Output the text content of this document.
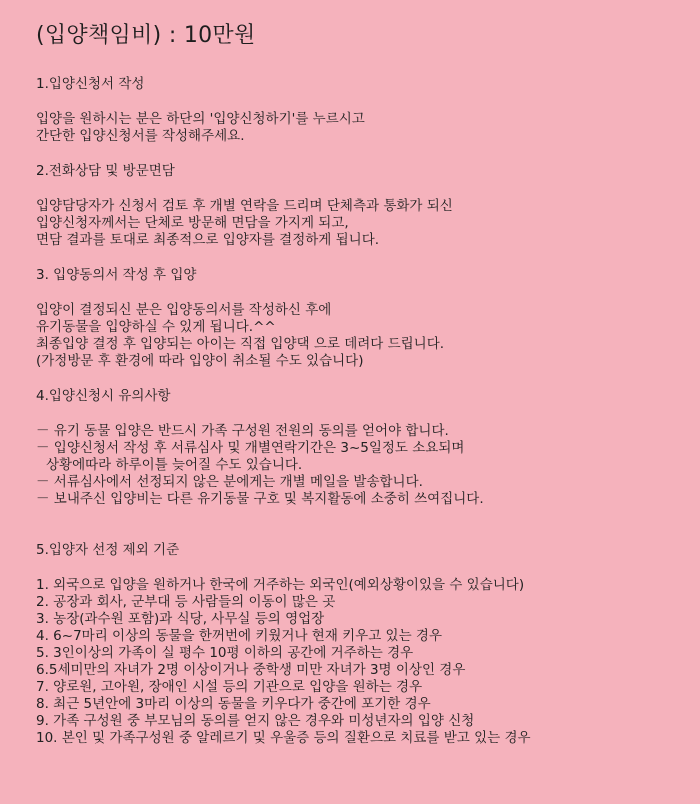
(입양책임비) : 10만원
1.입양신청서 작성
입양을 원하시는 분은 하단의 '입양신청하기'를 누르시고
간단한 입양신청서를 작성해주세요.
2.전화상담 및 방문면담
입양담당자가 신청서 검토 후 개별 연락을 드리며 단체측과 통화가 되신
입양신청자께서는 단체로 방문해 면담을 가지게 되고,
면담 결과를 토대로 최종적으로 입양자를 결정하게 됩니다.
3. 입양동의서 작성 후 입양
입양이 결정되신 분은 입양동의서를 작성하신 후에
유기동물을 입양하실 수 있게 됩니다.^^
최종입양 결정 후 입양되는 아이는 직접 입양댁 으로 데려다 드립니다.
(가정방문 후 환경에 따라 입양이 취소될 수도 있습니다)
4.입양신청시 유의사항
－ 유기 동물 입양은 반드시 가족 구성원 전원의 동의를 얻어야 합니다.
－ 입양신청서 작성 후 서류심사 및 개별연락기간은 3~5일정도 소요되며
상황에따라 하루이틀 늦어질 수도 있습니다.
－ 서류심사에서 선정되지 않은 분에게는 개별 메일을 발송합니다.
－ 보내주신 입양비는 다른 유기동물 구호 및 복지활동에 소중히 쓰여집니다.
5.입양자 선정 제외 기준
1. 외국으로 입양을 원하거나 한국에 거주하는 외국인(예외상황이있을 수 있습니다)
2. 공장과 회사, 군부대 등 사람들의 이동이 많은 곳
3. 농장(과수원 포함)과 식당, 사무실 등의 영업장
4. 6~7마리 이상의 동물을 한꺼번에 키웠거나 현재 키우고 있는 경우
5. 3인이상의 가족이 실 평수 10평 이하의 공간에 거주하는 경우
6.5세미만의 자녀가 2명 이상이거나 중학생 미만 자녀가 3명 이상인 경우
7. 양로원, 고아원, 장애인 시설 등의 기관으로 입양을 원하는 경우
8. 최근 5년안에 3마리 이상의 동물을 키우다가 중간에 포기한 경우
9. 가족 구성원 중 부모님의 동의를 얻지 않은 경우와 미성년자의 입양 신청
10. 본인 및 가족구성원 중 알레르기 및 우울증 등의 질환으로 치료를 받고 있는 경우
